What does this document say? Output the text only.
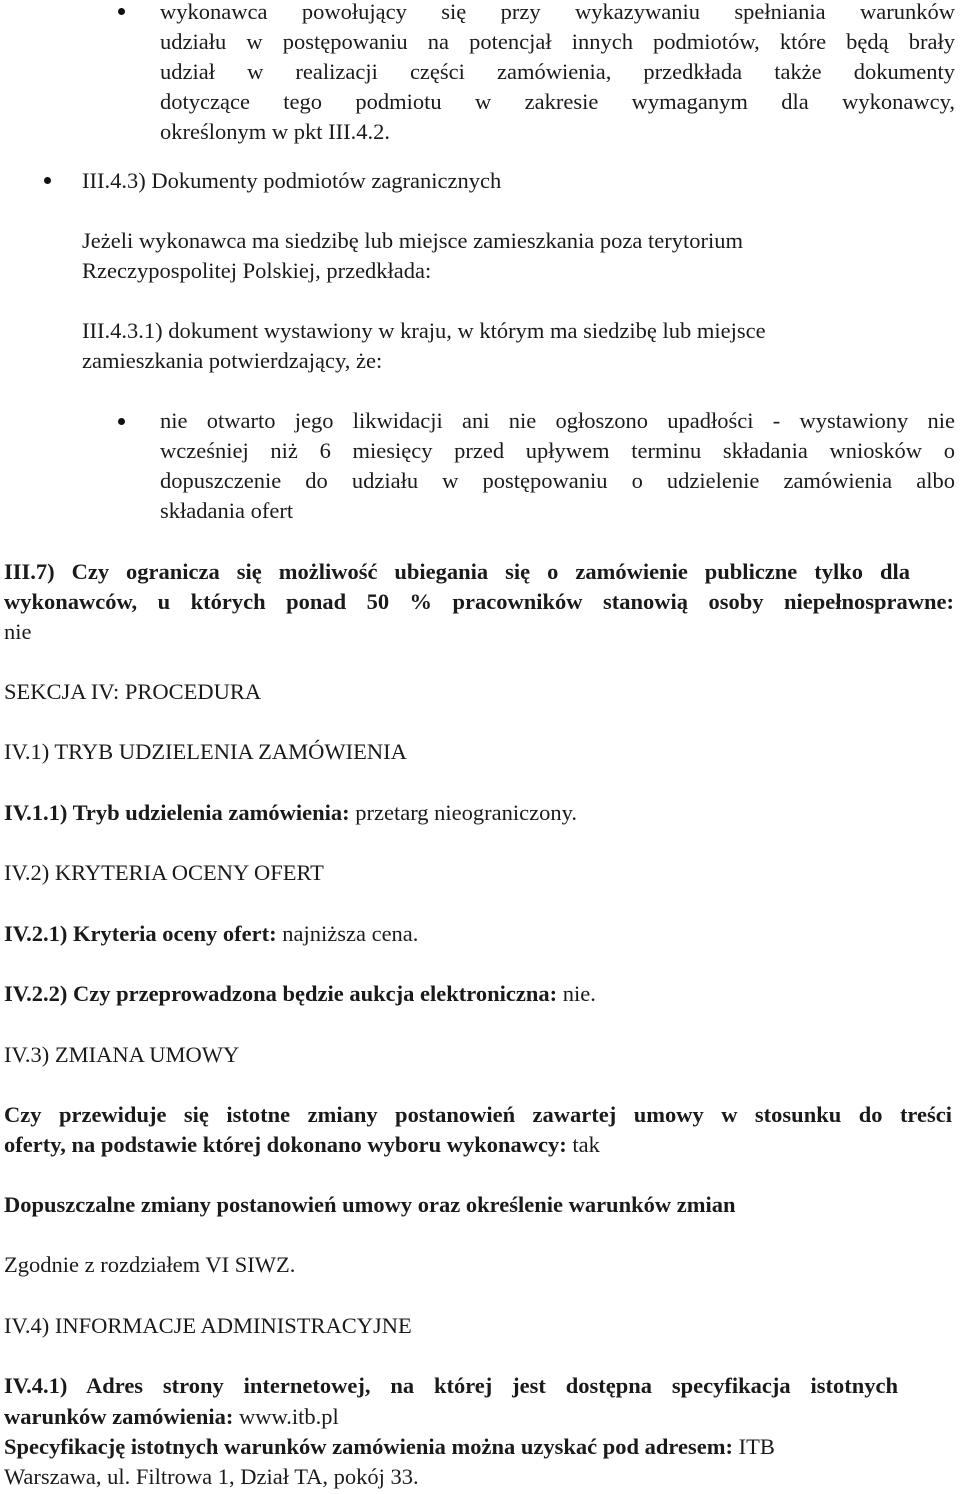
wykonawca powołujący się przy wykazywaniu spełniania warunków
udziału w postępowaniu na potencjał innych podmiotów, które będą brały
udział w realizacji części zamówienia, przedkłada także dokumenty
dotyczące tego podmiotu w zakresie wymaganym dla wykonawcy,
określonym w pkt III.4.2.
III.4.3) Dokumenty podmiotów zagranicznych
Jeżeli wykonawca ma siedzibę lub miejsce zamieszkania poza terytorium
Rzeczypospolitej Polskiej, przedkłada:
III.4.3.1) dokument wystawiony w kraju, w którym ma siedzibę lub miejsce
zamieszkania potwierdzający, że:
nie otwarto jego likwidacji ani nie ogłoszono upadłości - wystawiony nie
wcześniej niż 6 miesięcy przed upływem terminu składania wniosków o
dopuszczenie do udziału w postępowaniu o udzielenie zamówienia albo
składania ofert
III.7) Czy ogranicza się możliwość ubiegania się o zamówienie publiczne tylko dla
wykonawców, u których ponad 50 % pracowników stanowią osoby niepełnosprawne:
nie
SEKCJA IV: PROCEDURA
IV.1) TRYB UDZIELENIA ZAMÓWIENIA
IV.1.1) Tryb udzielenia zamówienia: przetarg nieograniczony.
IV.2) KRYTERIA OCENY OFERT
IV.2.1) Kryteria oceny ofert: najniższa cena.
IV.2.2) Czy przeprowadzona będzie aukcja elektroniczna: nie.
IV.3) ZMIANA UMOWY
Czy przewiduje się istotne zmiany postanowień zawartej umowy w stosunku do treści
oferty, na podstawie której dokonano wyboru wykonawcy: tak
Dopuszczalne zmiany postanowień umowy oraz określenie warunków zmian
Zgodnie z rozdziałem VI SIWZ.
IV.4) INFORMACJE ADMINISTRACYJNE
IV.4.1) Adres strony internetowej, na której jest dostępna specyfikacja istotnych
warunków zamówienia: www.itb.pl
Specyfikację istotnych warunków zamówienia można uzyskać pod adresem: ITB
Warszawa, ul. Filtrowa 1, Dział TA, pokój 33.
